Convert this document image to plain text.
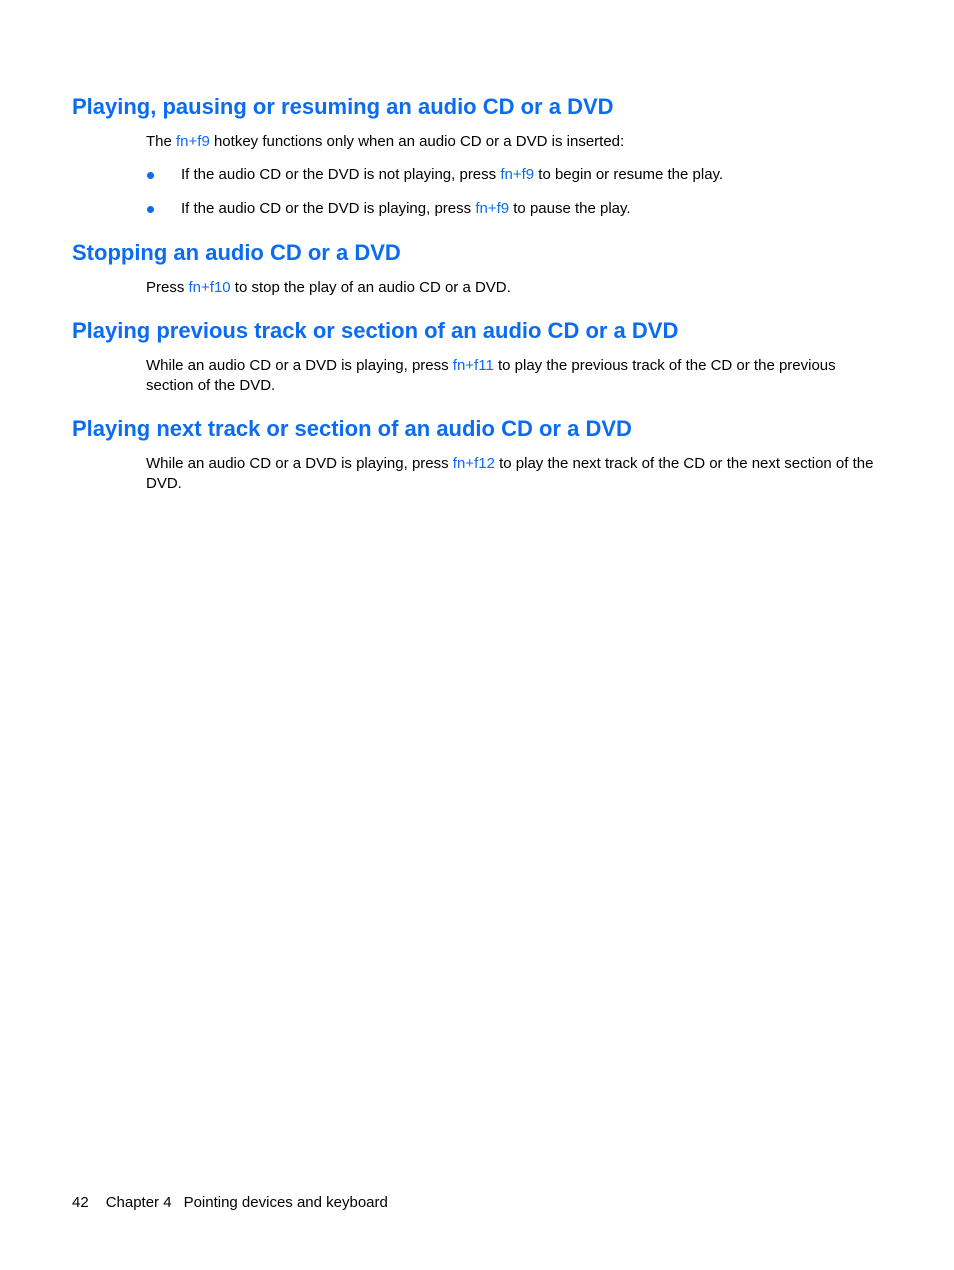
Playing, pausing or resuming an audio CD or a DVD

The fn+f9 hotkey functions only when an audio CD or a DVD is inserted:

If the audio CD or the DVD is not playing, press fn+f9 to begin or resume the play.
If the audio CD or the DVD is playing, press fn+f9 to pause the play.
Stopping an audio CD or a DVD

Press fn+f10 to stop the play of an audio CD or a DVD.

Playing previous track or section of an audio CD or a DVD

While an audio CD or a DVD is playing, press fn+f11 to play the previous track of the CD or the previous section of the DVD.

Playing next track or section of an audio CD or a DVD

While an audio CD or a DVD is playing, press fn+f12 to play the next track of the CD or the next section of the DVD.

42 Chapter 4 Pointing devices and keyboard
